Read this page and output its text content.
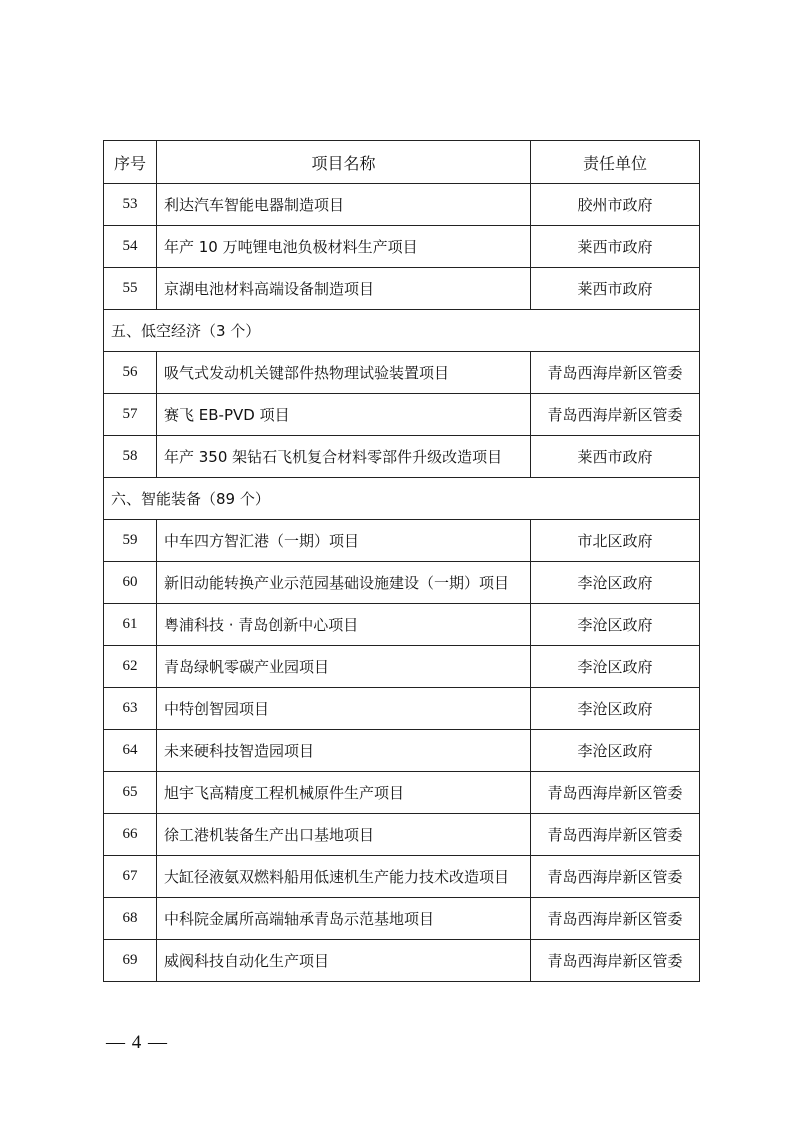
序号	项目名称	责任单位
53	利达汽车智能电器制造项目	胶州市政府
54	年产 10 万吨锂电池负极材料生产项目	莱西市政府
55	京湖电池材料高端设备制造项目	莱西市政府
五、低空经济（3 个）		
56	吸气式发动机关键部件热物理试验装置项目	青岛西海岸新区管委
57	赛飞 EB-PVD 项目	青岛西海岸新区管委
58	年产 350 架钻石飞机复合材料零部件升级改造项目	莱西市政府
六、智能装备（89 个）		
59	中车四方智汇港（一期）项目	市北区政府
60	新旧动能转换产业示范园基础设施建设（一期）项目	李沧区政府
61	粤浦科技 · 青岛创新中心项目	李沧区政府
62	青岛绿帆零碳产业园项目	李沧区政府
63	中特创智园项目	李沧区政府
64	未来硬科技智造园项目	李沧区政府
65	旭宇飞高精度工程机械原件生产项目	青岛西海岸新区管委
66	徐工港机装备生产出口基地项目	青岛西海岸新区管委
67	大缸径液氨双燃料船用低速机生产能力技术改造项目	青岛西海岸新区管委
68	中科院金属所高端轴承青岛示范基地项目	青岛西海岸新区管委
69	威阀科技自动化生产项目	青岛西海岸新区管委
— 4 —
